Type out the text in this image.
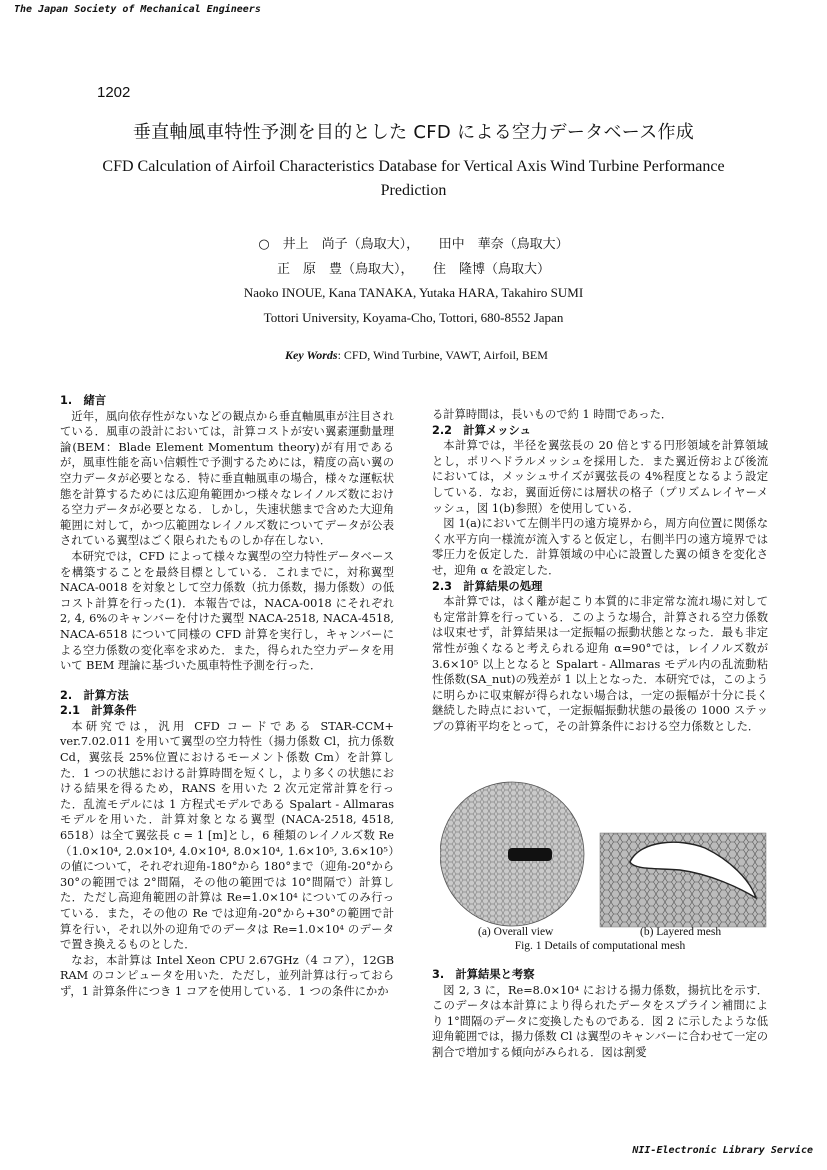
The Japan Society of Mechanical Engineers
1202
垂直軸風車特性予測を目的とした CFD による空力データベース作成
CFD Calculation of Airfoil Characteristics Database for Vertical Axis Wind Turbine Performance Prediction
○　井上　尚子（鳥取大），　　田中　華奈（鳥取大）
正　原　豊（鳥取大），　　住　隆博（鳥取大）
Naoko INOUE, Kana TANAKA, Yutaka HARA, Takahiro SUMI
Tottori University, Koyama-Cho, Tottori, 680-8552 Japan
Key Words: CFD, Wind Turbine, VAWT, Airfoil, BEM
1.　緒言

近年，風向依存性がないなどの観点から垂直軸風車が注目されている．風車の設計においては，計算コストが安い翼素運動量理論(BEM：Blade Element Momentum theory)が有用であるが，風車性能を高い信頼性で予測するためには，精度の高い翼の空力データが必要となる．特に垂直軸風車の場合，様々な運転状態を計算するためには広迎角範囲かつ様々なレイノルズ数における空力データが必要となる．しかし，失速状態まで含めた大迎角範囲に対して，かつ広範囲なレイノルズ数についてデータが公表されている翼型はごく限られたものしか存在しない．

本研究では，CFD によって様々な翼型の空力特性データベースを構築することを最終目標としている．これまでに，対称翼型 NACA-0018 を対象として空力係数（抗力係数，揚力係数）の低コスト計算を行った(1)．本報告では，NACA-0018 にそれぞれ 2, 4, 6%のキャンバーを付けた翼型 NACA-2518, NACA-4518, NACA-6518 について同様の CFD 計算を実行し，キャンバーによる空力係数の変化率を求めた．また，得られた空力データを用いて BEM 理論に基づいた風車特性予測を行った．

2.　計算方法
2.1　計算条件

本研究では，汎用 CFD コードである STAR-CCM+ ver.7.02.011 を用いて翼型の空力特性（揚力係数 Cl，抗力係数 Cd，翼弦長 25%位置におけるモーメント係数 Cm）を計算した．1 つの状態における計算時間を短くし，より多くの状態における結果を得るため，RANS を用いた 2 次元定常計算を行った．乱流モデルには 1 方程式モデルである Spalart - Allmaras モデルを用いた．計算対象となる翼型 (NACA-2518, 4518, 6518）は全て翼弦長 c = 1 [m]とし，6 種類のレイノルズ数 Re（1.0×10⁴, 2.0×10⁴, 4.0×10⁴, 8.0×10⁴, 1.6×10⁵, 3.6×10⁵）の値について，それぞれ迎角-180°から 180°まで（迎角-20°から 30°の範囲では 2°間隔，その他の範囲では 10°間隔で）計算した．ただし高迎角範囲の計算は Re=1.0×10⁴ についてのみ行っている．また，その他の Re では迎角-20°から+30°の範囲で計算を行い，それ以外の迎角でのデータは Re=1.0×10⁴ のデータで置き換えるものとした．

なお，本計算は Intel Xeon CPU 2.67GHz（4 コア），12GB RAM のコンピュータを用いた．ただし，並列計算は行っておらず，1 計算条件につき 1 コアを使用している．1 つの条件にかか

る計算時間は，長いもので約 1 時間であった．

2.2　計算メッシュ

本計算では，半径を翼弦長の 20 倍とする円形領域を計算領域とし，ポリヘドラルメッシュを採用した．また翼近傍および後流においては，メッシュサイズが翼弦長の 4%程度となるよう設定している．なお，翼面近傍には層状の格子（プリズムレイヤーメッシュ，図 1(b)参照）を使用している．

図 1(a)において左側半円の遠方境界から，周方向位置に関係なく水平方向一様流が流入すると仮定し，右側半円の遠方境界では零圧力を仮定した．計算領域の中心に設置した翼の傾きを変化させ，迎角 α を設定した．

2.3　計算結果の処理

本計算では，はく離が起こり本質的に非定常な流れ場に対しても定常計算を行っている．このような場合，計算される空力係数は収束せず，計算結果は一定振幅の振動状態となった．最も非定常性が強くなると考えられる迎角 α=90°では，レイノルズ数が 3.6×10⁵ 以上となると Spalart - Allmaras モデル内の乱流動粘性係数(SA_nut)の残差が 1 以上となった．本研究では，このように明らかに収束解が得られない場合は，一定の振幅が十分に長く継続した時点において，一定振幅振動状態の最後の 1000 ステップの算術平均をとって，その計算条件における空力係数とした．

(a) Overall view	(b) Layered mesh
Fig. 1 Details of computational mesh
3.　計算結果と考察

図 2, 3 に，Re=8.0×10⁴ における揚力係数，揚抗比を示す．このデータは本計算により得られたデータをスプライン補間により 1°間隔のデータに変換したものである．図 2 に示したような低迎角範囲では，揚力係数 Cl は翼型のキャンバーに合わせて一定の割合で増加する傾向がみられる．図は割愛

NII-Electronic Library Service
